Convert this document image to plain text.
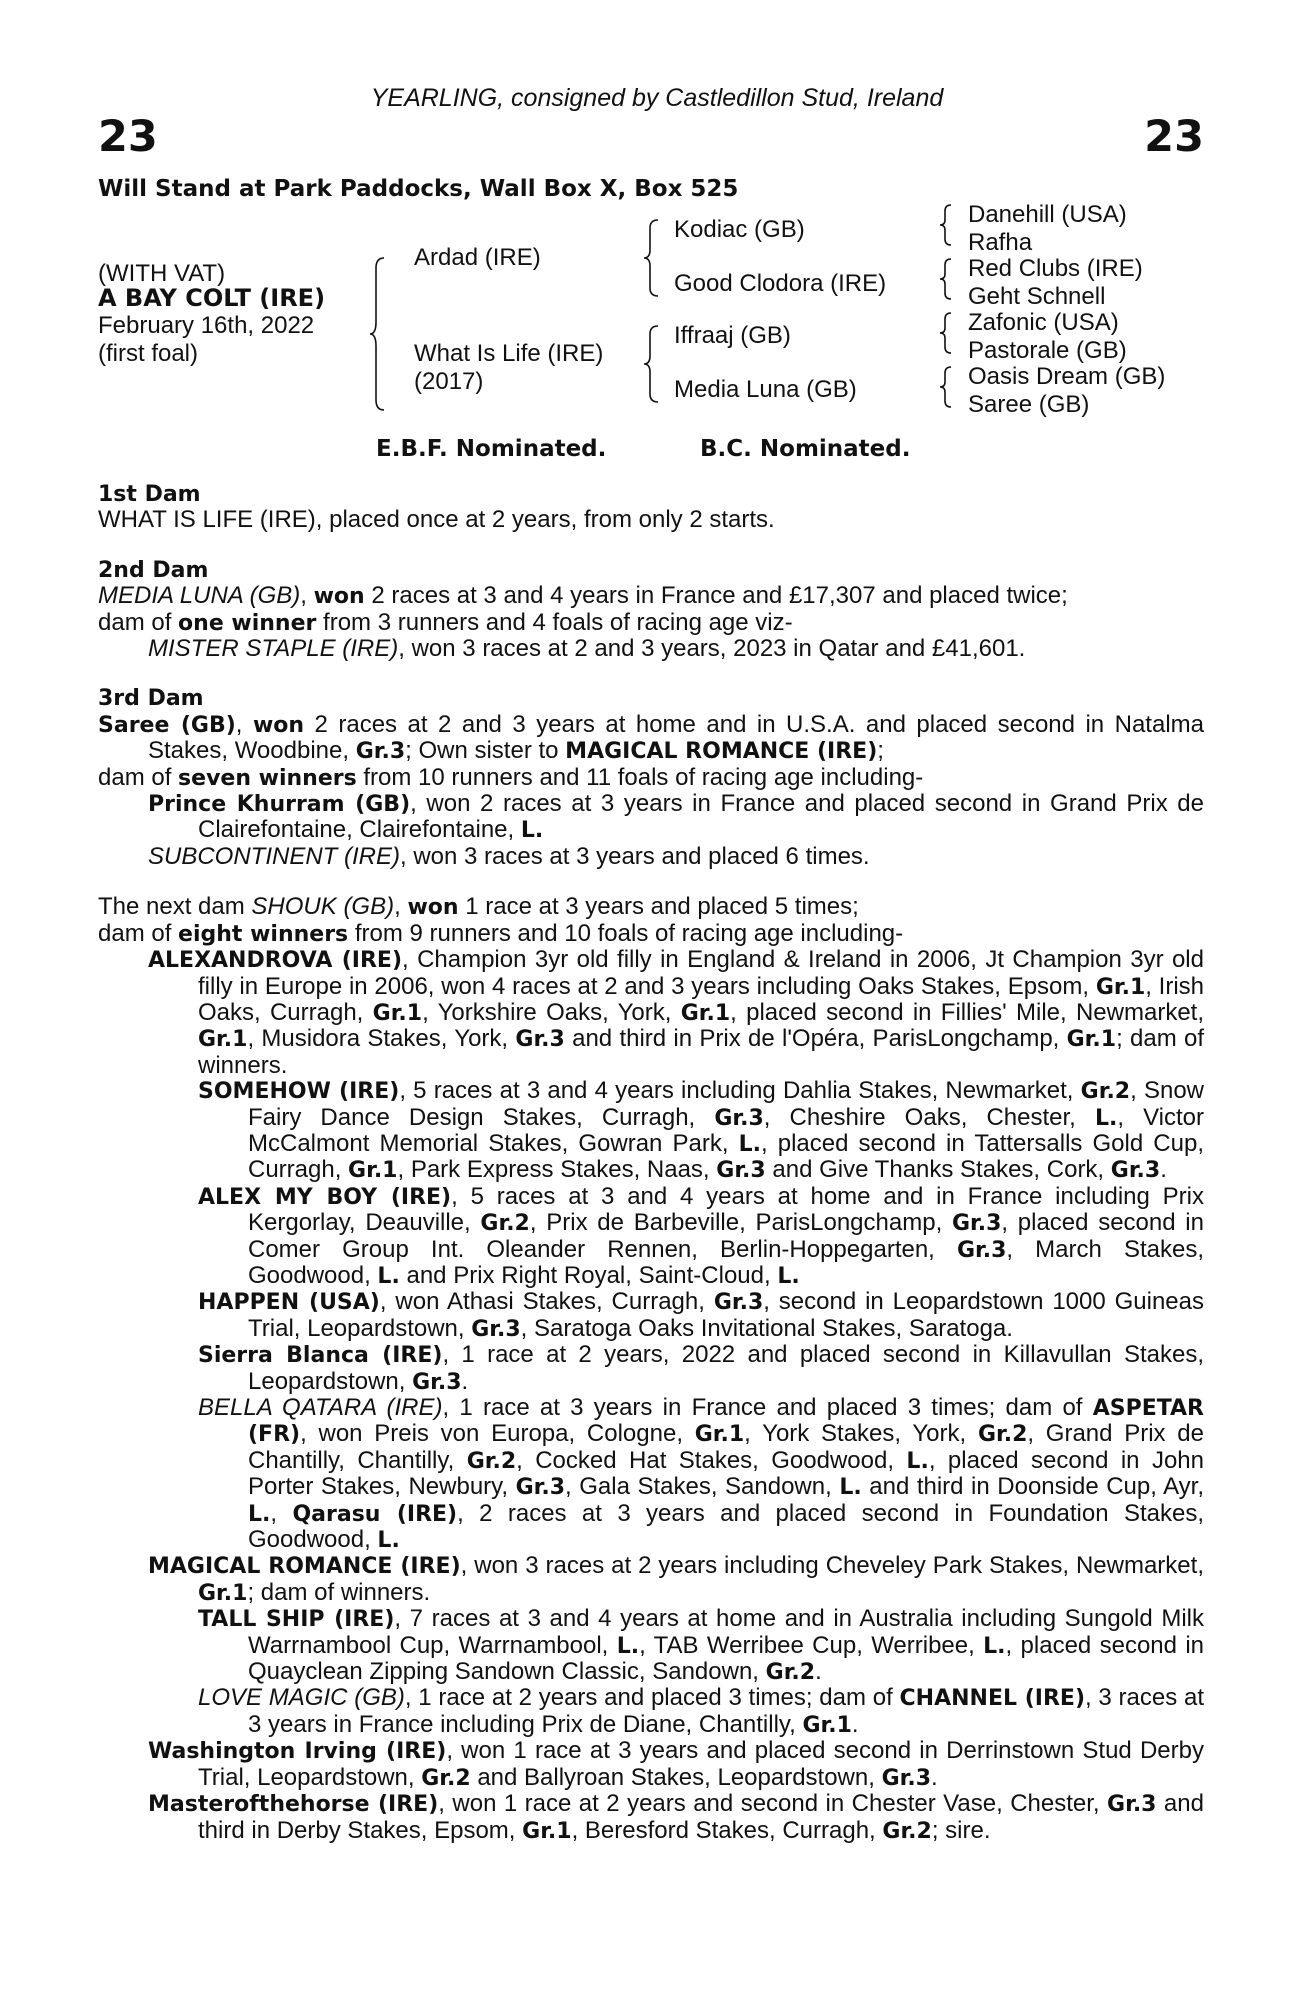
YEARLING, consigned by Castledillon Stud, Ireland
23	23
Will Stand at Park Paddocks, Wall Box X, Box 525
(WITH VAT)
A BAY COLT (IRE)
February 16th, 2022
(first foal)
Ardad (IRE)
What Is Life (IRE)
(2017)
Kodiac (GB)
Good Clodora (IRE)
Iffraaj (GB)
Media Luna (GB)
Danehill (USA)
Rafha
Red Clubs (IRE)
Geht Schnell
Zafonic (USA)
Pastorale (GB)
Oasis Dream (GB)
Saree (GB)
E.B.F. Nominated.	B.C. Nominated.
1st Dam
WHAT IS LIFE (IRE), placed once at 2 years, from only 2 starts.
2nd Dam
MEDIA LUNA (GB), won 2 races at 3 and 4 years in France and £17,307 and placed twice;
dam of one winner from 3 runners and 4 foals of racing age viz-
MISTER STAPLE (IRE), won 3 races at 2 and 3 years, 2023 in Qatar and £41,601.
3rd Dam
Saree (GB), won 2 races at 2 and 3 years at home and in U.S.A. and placed second in Natalma Stakes, Woodbine, Gr.3; Own sister to MAGICAL ROMANCE (IRE);
dam of seven winners from 10 runners and 11 foals of racing age including-
Prince Khurram (GB), won 2 races at 3 years in France and placed second in Grand Prix de Clairefontaine, Clairefontaine, L.
SUBCONTINENT (IRE), won 3 races at 3 years and placed 6 times.
The next dam SHOUK (GB), won 1 race at 3 years and placed 5 times;
dam of eight winners from 9 runners and 10 foals of racing age including-
ALEXANDROVA (IRE), Champion 3yr old filly in England & Ireland in 2006, Jt Champion 3yr old filly in Europe in 2006, won 4 races at 2 and 3 years including Oaks Stakes, Epsom, Gr.1, Irish Oaks, Curragh, Gr.1, Yorkshire Oaks, York, Gr.1, placed second in Fillies' Mile, Newmarket, Gr.1, Musidora Stakes, York, Gr.3 and third in Prix de l'Opéra, ParisLongchamp, Gr.1; dam of winners.
SOMEHOW (IRE), 5 races at 3 and 4 years including Dahlia Stakes, Newmarket, Gr.2, Snow Fairy Dance Design Stakes, Curragh, Gr.3, Cheshire Oaks, Chester, L., Victor McCalmont Memorial Stakes, Gowran Park, L., placed second in Tattersalls Gold Cup, Curragh, Gr.1, Park Express Stakes, Naas, Gr.3 and Give Thanks Stakes, Cork, Gr.3.
ALEX MY BOY (IRE), 5 races at 3 and 4 years at home and in France including Prix Kergorlay, Deauville, Gr.2, Prix de Barbeville, ParisLongchamp, Gr.3, placed second in Comer Group Int. Oleander Rennen, Berlin-Hoppegarten, Gr.3, March Stakes, Goodwood, L. and Prix Right Royal, Saint-Cloud, L.
HAPPEN (USA), won Athasi Stakes, Curragh, Gr.3, second in Leopardstown 1000 Guineas Trial, Leopardstown, Gr.3, Saratoga Oaks Invitational Stakes, Saratoga.
Sierra Blanca (IRE), 1 race at 2 years, 2022 and placed second in Killavullan Stakes, Leopardstown, Gr.3.
BELLA QATARA (IRE), 1 race at 3 years in France and placed 3 times; dam of ASPETAR (FR), won Preis von Europa, Cologne, Gr.1, York Stakes, York, Gr.2, Grand Prix de Chantilly, Chantilly, Gr.2, Cocked Hat Stakes, Goodwood, L., placed second in John Porter Stakes, Newbury, Gr.3, Gala Stakes, Sandown, L. and third in Doonside Cup, Ayr, L., Qarasu (IRE), 2 races at 3 years and placed second in Foundation Stakes, Goodwood, L.
MAGICAL ROMANCE (IRE), won 3 races at 2 years including Cheveley Park Stakes, Newmarket, Gr.1; dam of winners.
TALL SHIP (IRE), 7 races at 3 and 4 years at home and in Australia including Sungold Milk Warrnambool Cup, Warrnambool, L., TAB Werribee Cup, Werribee, L., placed second in Quayclean Zipping Sandown Classic, Sandown, Gr.2.
LOVE MAGIC (GB), 1 race at 2 years and placed 3 times; dam of CHANNEL (IRE), 3 races at 3 years in France including Prix de Diane, Chantilly, Gr.1.
Washington Irving (IRE), won 1 race at 3 years and placed second in Derrinstown Stud Derby Trial, Leopardstown, Gr.2 and Ballyroan Stakes, Leopardstown, Gr.3.
Masterofthehorse (IRE), won 1 race at 2 years and second in Chester Vase, Chester, Gr.3 and third in Derby Stakes, Epsom, Gr.1, Beresford Stakes, Curragh, Gr.2; sire.
